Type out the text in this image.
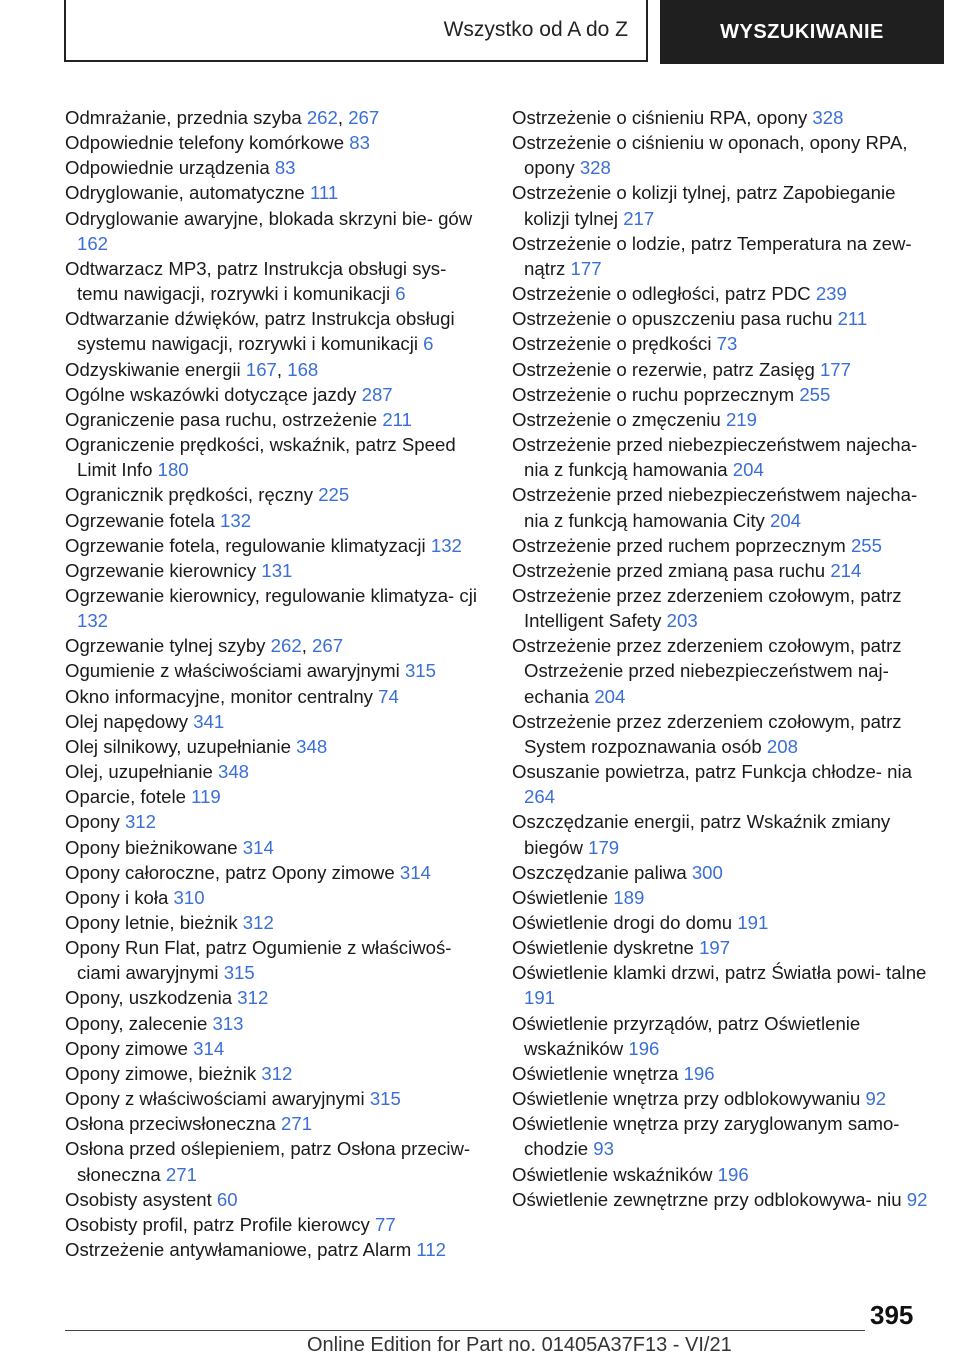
Wszystko od A do Z	WYSZUKIWANIE
Odmrażanie, przednia szyba 262, 267
Odpowiednie telefony komórkowe 83
Odpowiednie urządzenia 83
Odryglowanie, automatyczne 111
Odryglowanie awaryjne, blokada skrzyni bie‐ gów 162
Odtwarzacz MP3, patrz Instrukcja obsługi sys‐ temu nawigacji, rozrywki i komunikacji 6
Odtwarzanie dźwięków, patrz Instrukcja obsługi systemu nawigacji, rozrywki i komunikacji 6
Odzyskiwanie energii 167, 168
Ogólne wskazówki dotyczące jazdy 287
Ograniczenie pasa ruchu, ostrzeżenie 211
Ograniczenie prędkości, wskaźnik, patrz Speed Limit Info 180
Ogranicznik prędkości, ręczny 225
Ogrzewanie fotela 132
Ogrzewanie fotela, regulowanie klimatyzacji 132
Ogrzewanie kierownicy 131
Ogrzewanie kierownicy, regulowanie klimatyza‐ cji 132
Ogrzewanie tylnej szyby 262, 267
Ogumienie z właściwościami awaryjnymi 315
Okno informacyjne, monitor centralny 74
Olej napędowy 341
Olej silnikowy, uzupełnianie 348
Olej, uzupełnianie 348
Oparcie, fotele 119
Opony 312
Opony bieżnikowane 314
Opony całoroczne, patrz Opony zimowe 314
Opony i koła 310
Opony letnie, bieżnik 312
Opony Run Flat, patrz Ogumienie z właściwoś‐ ciami awaryjnymi 315
Opony, uszkodzenia 312
Opony, zalecenie 313
Opony zimowe 314
Opony zimowe, bieżnik 312
Opony z właściwościami awaryjnymi 315
Osłona przeciwsłoneczna 271
Osłona przed oślepieniem, patrz Osłona przeciw‐ słoneczna 271
Osobisty asystent 60
Osobisty profil, patrz Profile kierowcy 77
Ostrzeżenie antywłamaniowe, patrz Alarm 112
Ostrzeżenie o ciśnieniu RPA, opony 328
Ostrzeżenie o ciśnieniu w oponach, opony RPA, opony 328
Ostrzeżenie o kolizji tylnej, patrz Zapobieganie kolizji tylnej 217
Ostrzeżenie o lodzie, patrz Temperatura na zew‐ nątrz 177
Ostrzeżenie o odległości, patrz PDC 239
Ostrzeżenie o opuszczeniu pasa ruchu 211
Ostrzeżenie o prędkości 73
Ostrzeżenie o rezerwie, patrz Zasięg 177
Ostrzeżenie o ruchu poprzecznym 255
Ostrzeżenie o zmęczeniu 219
Ostrzeżenie przed niebezpieczeństwem najecha‐ nia z funkcją hamowania 204
Ostrzeżenie przed niebezpieczeństwem najecha‐ nia z funkcją hamowania City 204
Ostrzeżenie przed ruchem poprzecznym 255
Ostrzeżenie przed zmianą pasa ruchu 214
Ostrzeżenie przez zderzeniem czołowym, patrz Intelligent Safety 203
Ostrzeżenie przez zderzeniem czołowym, patrz Ostrzeżenie przed niebezpieczeństwem naj‐ echania 204
Ostrzeżenie przez zderzeniem czołowym, patrz System rozpoznawania osób 208
Osuszanie powietrza, patrz Funkcja chłodze‐ nia 264
Oszczędzanie energii, patrz Wskaźnik zmiany biegów 179
Oszczędzanie paliwa 300
Oświetlenie 189
Oświetlenie drogi do domu 191
Oświetlenie dyskretne 197
Oświetlenie klamki drzwi, patrz Światła powi‐ talne 191
Oświetlenie przyrządów, patrz Oświetlenie wskaźników 196
Oświetlenie wnętrza 196
Oświetlenie wnętrza przy odblokowywaniu 92
Oświetlenie wnętrza przy zaryglowanym samo‐ chodzie 93
Oświetlenie wskaźników 196
Oświetlenie zewnętrzne przy odblokowywa‐ niu 92
395
Online Edition for Part no. 01405A37F13 - VI/21
